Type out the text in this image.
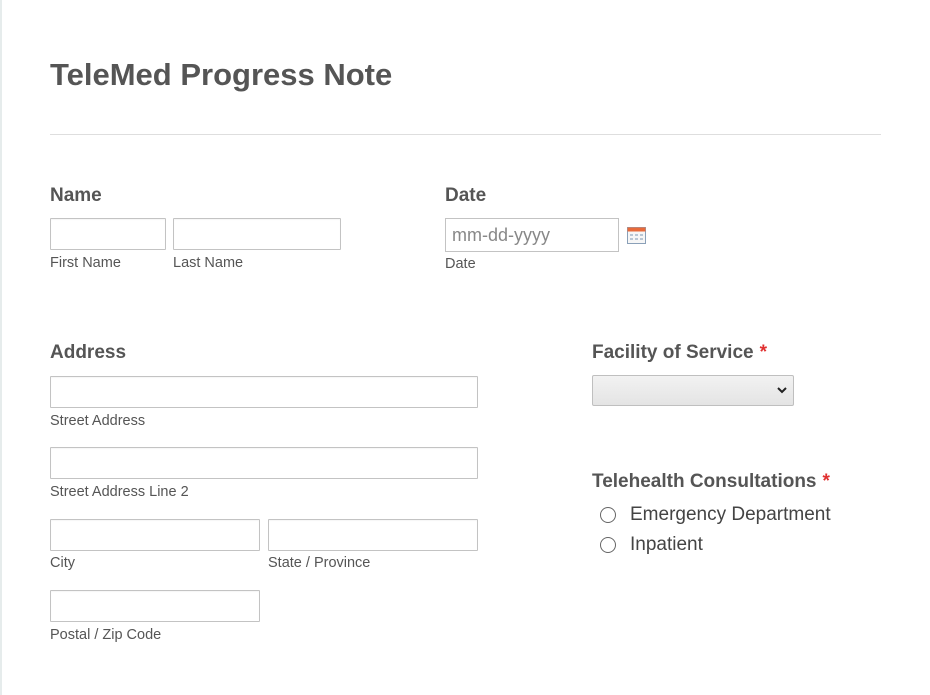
TeleMed Progress Note
Name
First Name	Last Name
Date
mm-dd-yyyy
Date
Address
Street Address
Street Address Line 2
City	State / Province
Postal / Zip Code
Facility of Service *
Telehealth Consultations *
Emergency Department
Inpatient
